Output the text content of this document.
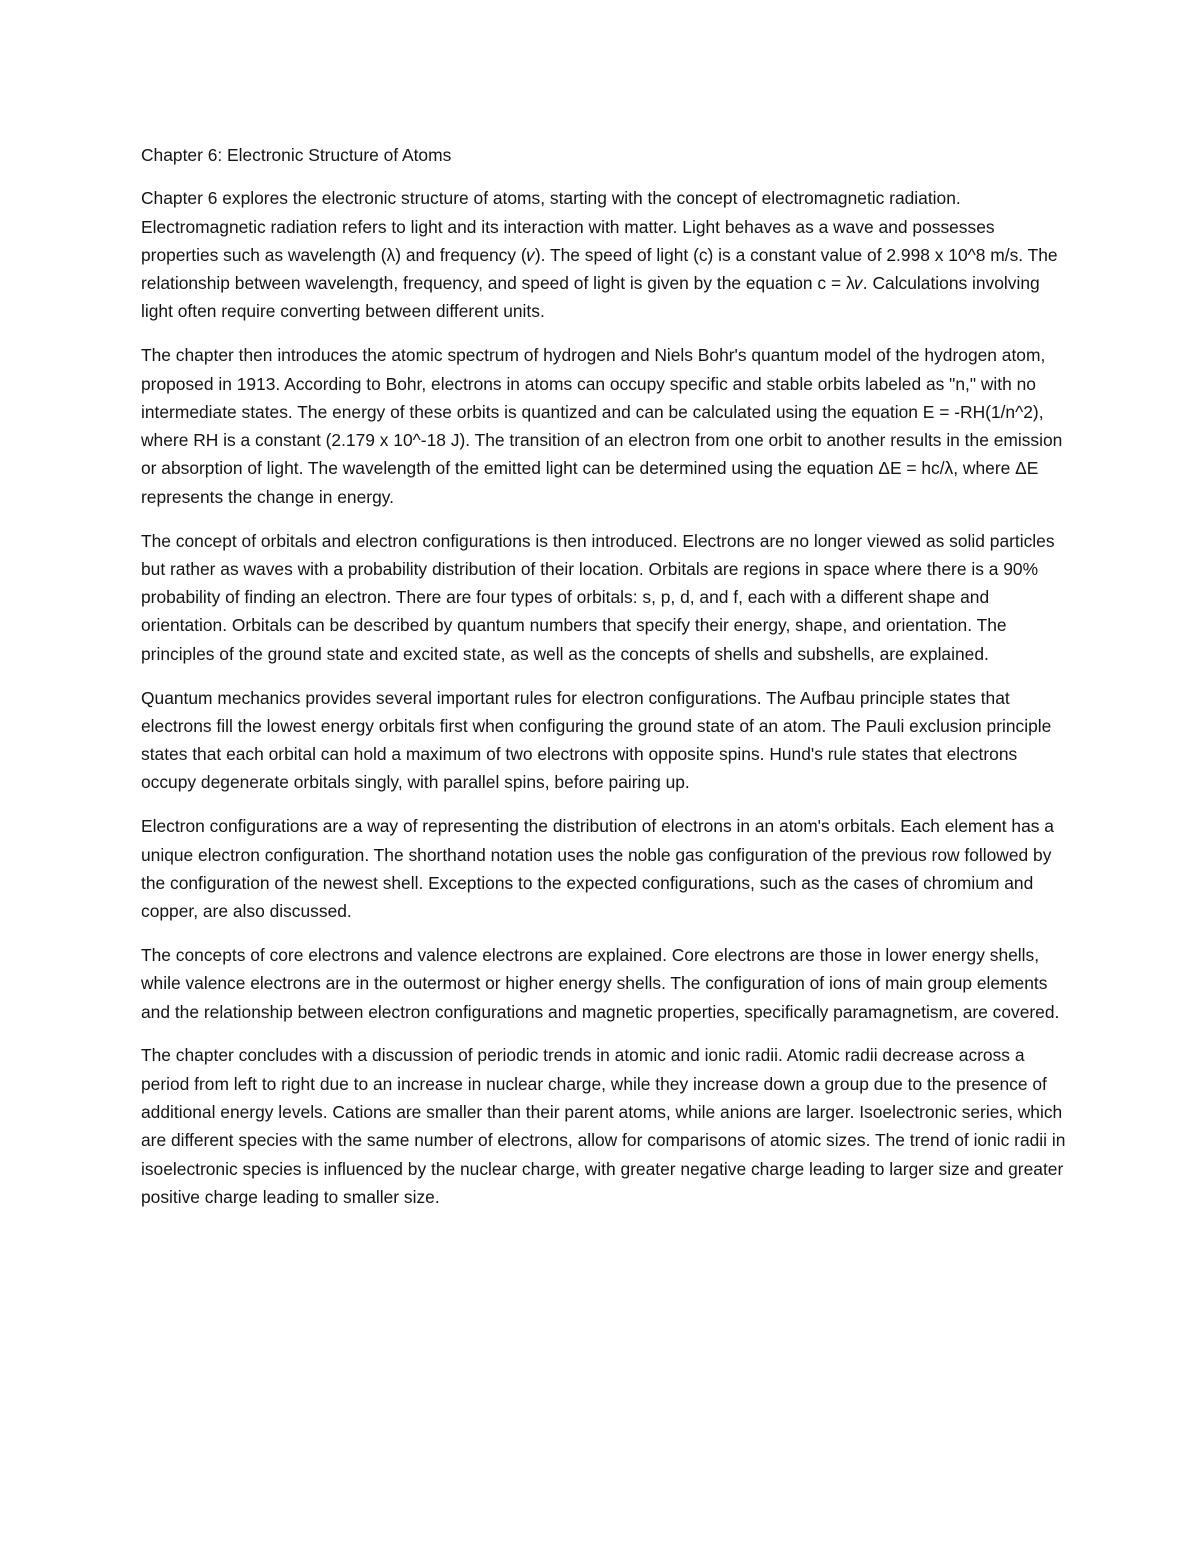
Chapter 6: Electronic Structure of Atoms

Chapter 6 explores the electronic structure of atoms, starting with the concept of electromagnetic radiation. Electromagnetic radiation refers to light and its interaction with matter. Light behaves as a wave and possesses properties such as wavelength (λ) and frequency (𝑣). The speed of light (c) is a constant value of 2.998 x 10^8 m/s. The relationship between wavelength, frequency, and speed of light is given by the equation c = λ𝑣. Calculations involving light often require converting between different units.

The chapter then introduces the atomic spectrum of hydrogen and Niels Bohr's quantum model of the hydrogen atom, proposed in 1913. According to Bohr, electrons in atoms can occupy specific and stable orbits labeled as "n," with no intermediate states. The energy of these orbits is quantized and can be calculated using the equation E = -RH(1/n^2), where RH is a constant (2.179 x 10^-18 J). The transition of an electron from one orbit to another results in the emission or absorption of light. The wavelength of the emitted light can be determined using the equation ΔE = hc/λ, where ΔE represents the change in energy.

The concept of orbitals and electron configurations is then introduced. Electrons are no longer viewed as solid particles but rather as waves with a probability distribution of their location. Orbitals are regions in space where there is a 90% probability of finding an electron. There are four types of orbitals: s, p, d, and f, each with a different shape and orientation. Orbitals can be described by quantum numbers that specify their energy, shape, and orientation. The principles of the ground state and excited state, as well as the concepts of shells and subshells, are explained.

Quantum mechanics provides several important rules for electron configurations. The Aufbau principle states that electrons fill the lowest energy orbitals first when configuring the ground state of an atom. The Pauli exclusion principle states that each orbital can hold a maximum of two electrons with opposite spins. Hund's rule states that electrons occupy degenerate orbitals singly, with parallel spins, before pairing up.

Electron configurations are a way of representing the distribution of electrons in an atom's orbitals. Each element has a unique electron configuration. The shorthand notation uses the noble gas configuration of the previous row followed by the configuration of the newest shell. Exceptions to the expected configurations, such as the cases of chromium and copper, are also discussed.

The concepts of core electrons and valence electrons are explained. Core electrons are those in lower energy shells, while valence electrons are in the outermost or higher energy shells. The configuration of ions of main group elements and the relationship between electron configurations and magnetic properties, specifically paramagnetism, are covered.

The chapter concludes with a discussion of periodic trends in atomic and ionic radii. Atomic radii decrease across a period from left to right due to an increase in nuclear charge, while they increase down a group due to the presence of additional energy levels. Cations are smaller than their parent atoms, while anions are larger. Isoelectronic series, which are different species with the same number of electrons, allow for comparisons of atomic sizes. The trend of ionic radii in isoelectronic species is influenced by the nuclear charge, with greater negative charge leading to larger size and greater positive charge leading to smaller size.
